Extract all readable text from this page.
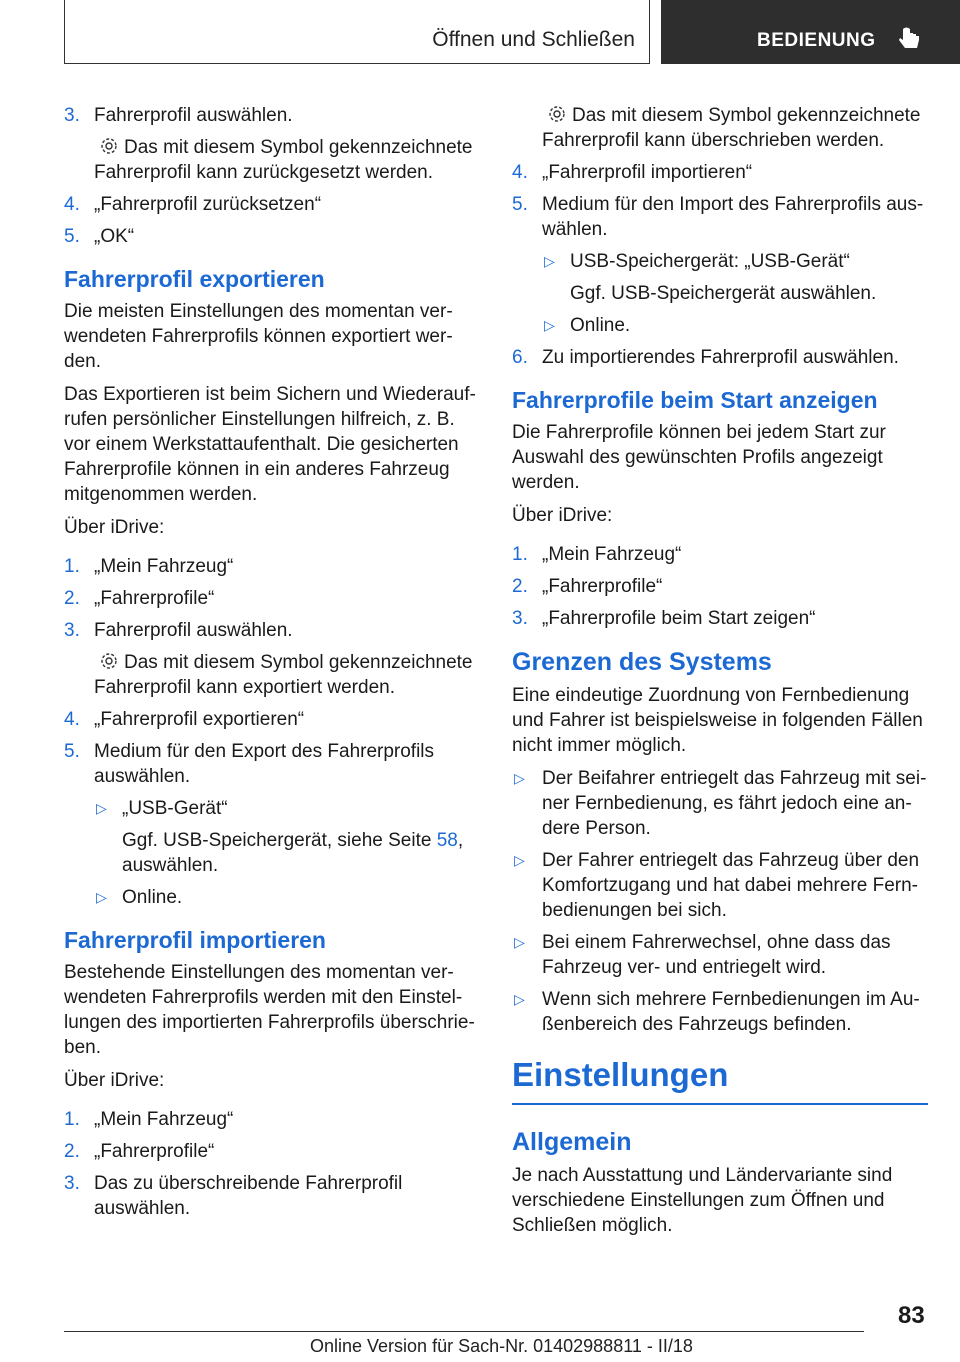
Öffnen und Schließen	BEDIENUNG
3. Fahrerprofil auswählen.
Das mit diesem Symbol gekennzeichnete Fahrerprofil kann zurückgesetzt werden.
4. „Fahrerprofil zurücksetzen“
5. „OK“
Fahrerprofil exportieren

Die meisten Einstellungen des momentan verwendeten Fahrerprofils können exportiert werden.

Das Exportieren ist beim Sichern und Wiederaufrufen persönlicher Einstellungen hilfreich, z. B. vor einem Werkstattaufenthalt. Die gesicherten Fahrerprofile können in ein anderes Fahrzeug mitgenommen werden.

Über iDrive:

1. „Mein Fahrzeug“
2. „Fahrerprofile“
3. Fahrerprofil auswählen.
Das mit diesem Symbol gekennzeichnete Fahrerprofil kann exportiert werden.
4. „Fahrerprofil exportieren“
5. Medium für den Export des Fahrerprofils auswählen.
▷ „USB-Gerät“
Ggf. USB-Speichergerät, siehe Seite 58, auswählen.
▷ Online.
Fahrerprofil importieren

Bestehende Einstellungen des momentan verwendeten Fahrerprofils werden mit den Einstellungen des importierten Fahrerprofils überschrieben.

Über iDrive:

1. „Mein Fahrzeug“
2. „Fahrerprofile“
3. Das zu überschreibende Fahrerprofil auswählen.
Das mit diesem Symbol gekennzeichnete Fahrerprofil kann überschrieben werden.
4. „Fahrerprofil importieren“
5. Medium für den Import des Fahrerprofils auswählen.
▷ USB-Speichergerät: „USB-Gerät“
Ggf. USB-Speichergerät auswählen.
▷ Online.
6. Zu importierendes Fahrerprofil auswählen.
Fahrerprofile beim Start anzeigen

Die Fahrerprofile können bei jedem Start zur Auswahl des gewünschten Profils angezeigt werden.

Über iDrive:

1. „Mein Fahrzeug“
2. „Fahrerprofile“
3. „Fahrerprofile beim Start zeigen“
Grenzen des Systems

Eine eindeutige Zuordnung von Fernbedienung und Fahrer ist beispielsweise in folgenden Fällen nicht immer möglich.

▷ Der Beifahrer entriegelt das Fahrzeug mit seiner Fernbedienung, es fährt jedoch eine andere Person.
▷ Der Fahrer entriegelt das Fahrzeug über den Komfortzugang und hat dabei mehrere Fernbedienungen bei sich.
▷ Bei einem Fahrerwechsel, ohne dass das Fahrzeug ver- und entriegelt wird.
▷ Wenn sich mehrere Fernbedienungen im Außenbereich des Fahrzeugs befinden.
Einstellungen
Allgemein

Je nach Ausstattung und Ländervariante sind verschiedene Einstellungen zum Öffnen und Schließen möglich.

83
Online Version für Sach-Nr. 01402988811 - II/18
